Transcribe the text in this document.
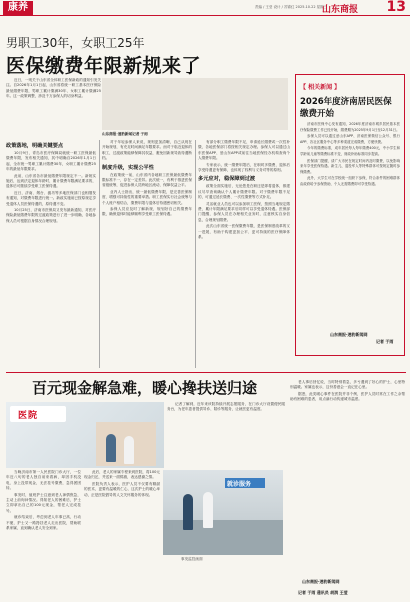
康养	责编 / 王莹 设计 / 苏锦红 2025.10.22 星期三
山东商报 13
男职工30年，女职工25年
医保缴费年限新规来了

近日，一则关于山东省全体职工医保新政的通知引发关注。自2026年1月1日起，山东省将统一职工基本医疗保险最低缴费年限，男职工累计缴满30年、女职工累计缴满25年。这一政策调整，涉及千万参保人的切身利益。

山东商报·速豹新闻记者 于雨
政策落地，明确关键要点

10月9日，青岛市医疗保障局就统一职工医保最低缴费年限，发布相关通知，其中明确自2026年1月1日起，全市统一男职工累计缴费30年，女职工累计缴费25年的最低年限要求。

此前，山东省各市最低缴费年限规定不一。新规实施后，达到法定退休年龄时，累计缴费年限满足要求的，退休后可继续享受职工医保待遇。

近日，济南、烟台、潍坊等多地医保部门也相继发布通知，对缴费年限进行统一。新政实施前已按原规定享受退休人员医保待遇的，原待遇不变。

10月25日，济南市医保局又发布最新通知，对医疗保险最低缴费年限的过渡政策进行了进一步明确，各地参保人员可根据自身情况合理规划。

对于年轻参保人来说，规则更加清晰，自己从现在开始规划，有充足时间满足年限要求。而对于临近退休的职工，过渡政策能够保障其权益，避免因新规导致待遇断档。

制度升级，实现公平性

在政策统一前，山东省内各地职工医保最低缴费年限标准不一，存在一定差异。此次统一，有利于推进医保省级统筹，促进参保人员跨地区流动，保障权益公平。

业内人士指出，统一最低缴费年限，是完善医保制度、增强可持续性的重要举措。职工医保实行社会统筹与个人账户相结合，缴费年限与退休后待遇密切相关。

参保人员应及时了解新规，规划好自己的缴费年限，确保退休时能够顺利享受职工医保待遇。

有部分职工缴费年限不足，申请延长缴费或一次性补缴，各地医保部门将按相关规定办理。参保人可以通过山东医保APP、爱山东APP或前往当地医保经办机构查询个人缴费年限。

专家表示，统一缴费年限后，在职时多缴费，退休后享受待遇更有保障，也体现了权利与义务对等的原则。

多元应对，稳保障到过渡

政策全面实施后，无论您是在职还是即将退休，都建议尽早查询确认个人累计缴费年限。对于缴费年限不足的，可通过延长缴费、一次性缴费等方式补足。

灵活就业人员也可以参加职工医保，按照当地规定缴费，累计年限满足要求后同样可以享受退休待遇。医保部门提醒，参保人员在办理相关业务时，注意核实自身信息，合理规划缴费。

此次山东省统一医保缴费年限，是医保制度改革的又一进展，有助于构建更加公平、更可持续的医疗保障体系。

【 相关新闻 】
2026年度济南居民医保缴费开始

济南市医保中心发布通知，2026年度济南市城乡居民基本医疗保险缴费工作已经开始，缴费期为2025年9月1日至12月31日。

参保人员可以通过爱山东APP、济南医保微信公众号、银行APP、各社区服务中心等多种渠道完成缴费，方便快捷。

今年的缴费标准，成年居民每人每年缴费400元，中小学生和学龄前儿童等缴费标准不变，财政补助标准同步提高。

医保部门提醒，请广大市民在规定时间内及时缴费，以免影响来年享受医保待遇。新生儿、退役军人等特殊群体可按规定随时参保缴费。

此外，大学生可在学校统一组织下参保，符合条件的困难群体由政府给予参保资助，个人无需缴费即可享受待遇。

山东商报·速豹新闻网
记者 于雨
百元现金解急难，暖心搀扶送归途
医院

当晚济南市第一人民医院门诊大厅，一位年近八旬的老人独自前来看病，却因手机没电、身上没带现金，无法挂号缴费，急得团团转。

事发时，值班护士注意到老人神情焦急，主动上前询问情况。得知老人的困难后，护士立即拿出自己的100元现金，帮老人完成挂号。

就诊结束后，考虑到老人年事已高，行动不便，护士又一路搀扶老人走出医院，帮助联系家属，直到确认老人安全到家。

此后，老人的家属专程来到医院，将100元现金归还，并送来一面锦旗，表达感谢之情。

医院负责人表示，医护人员不仅要有精湛的医术，更要有温暖的仁心，这次护士的暖心举动，正是医院倡导的人文关怀服务的体现。

记者了解到，近年来该院持续开展志愿服务，在门诊大厅设置便民服务台，为老年患者提供导诊、陪诊等服务，让就医更有温度。

就诊服务
事发监控画面

老人事后回忆说，当时特别着急，多亏遇到了好心的护士，心里特别温暖。家属也表示，这份善意会一直记在心里。

据悉，此类暖心事件在医院并非个例，医护人员时常在工作之余帮助有困难的患者，用点滴行动传递城市温度。

山东商报·速豹新闻网
记者 于雨 通讯员 胡润 王莹
